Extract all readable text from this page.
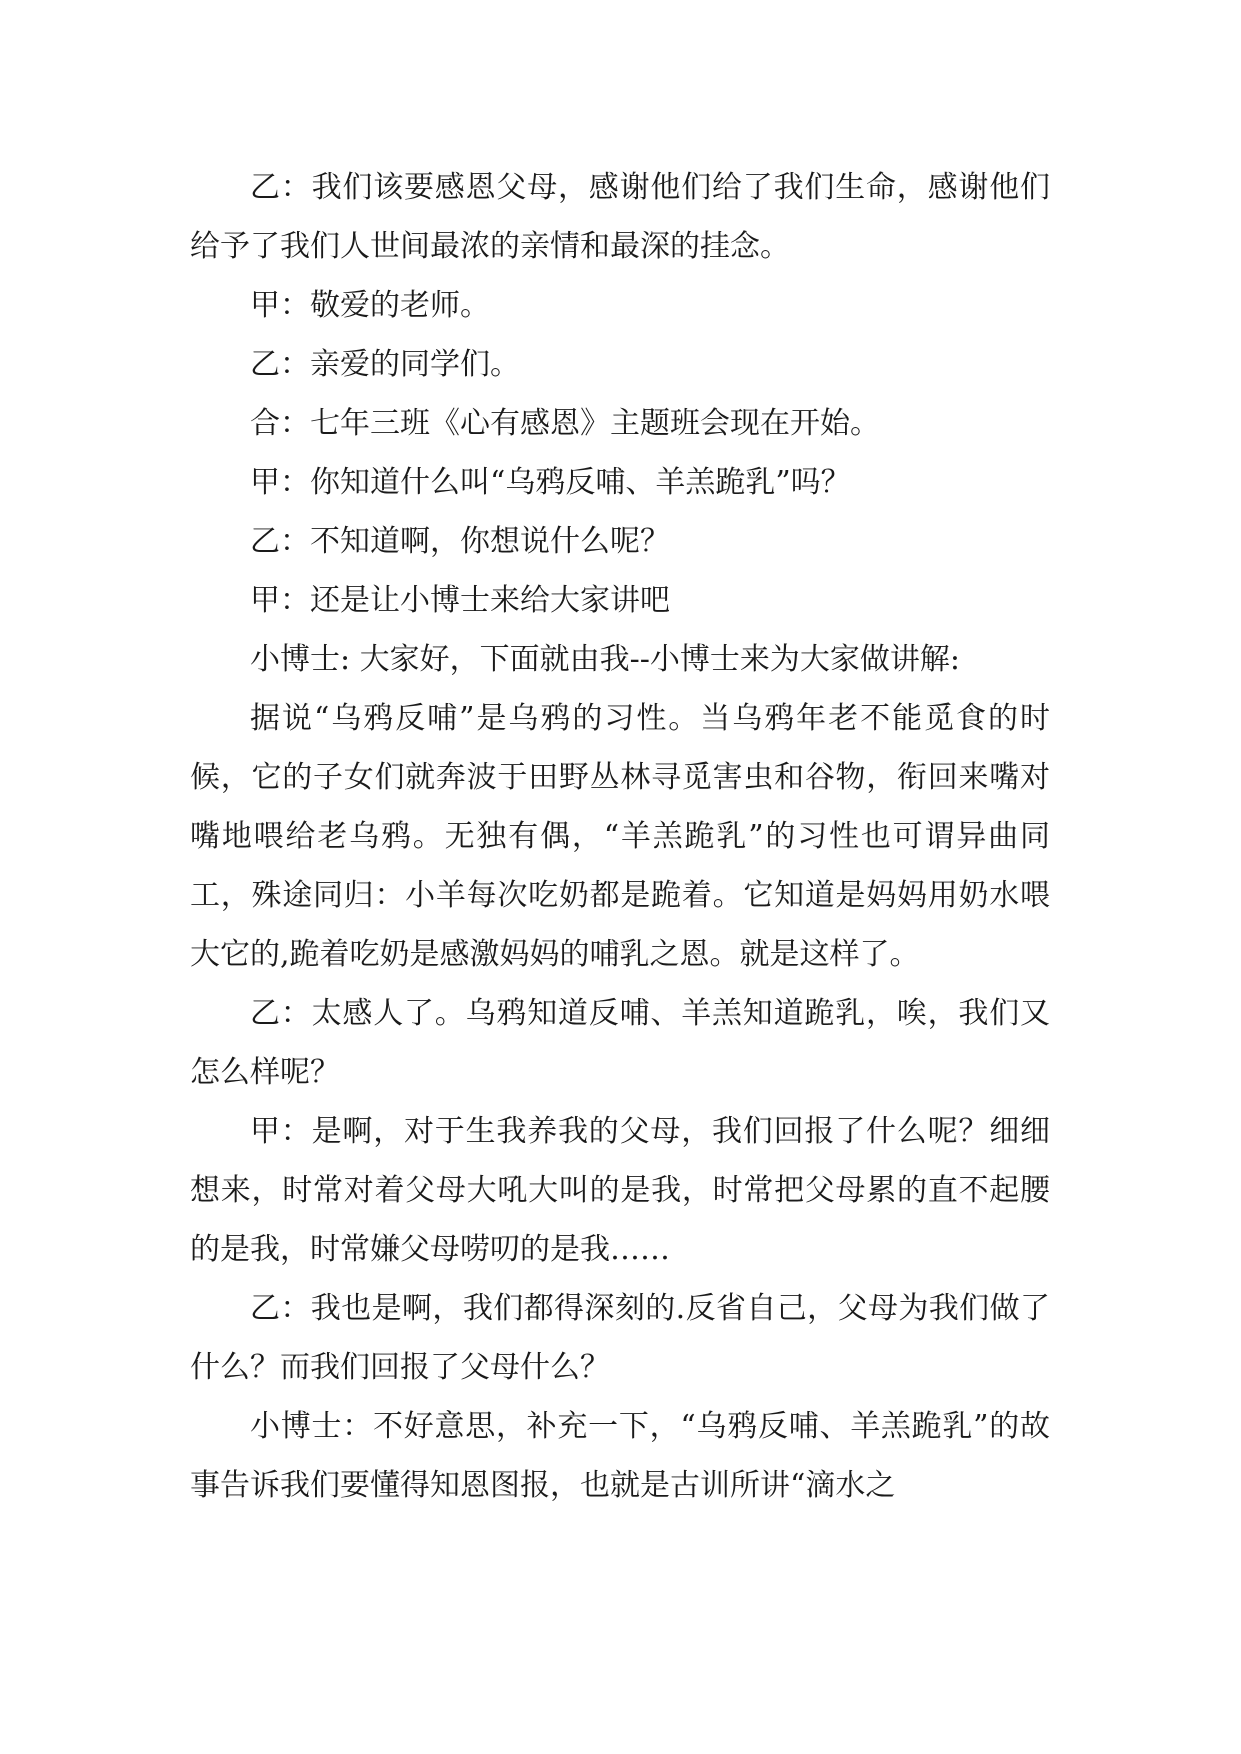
乙：我们该要感恩父母，感谢他们给了我们生命，感谢他们给予了我们人世间最浓的亲情和最深的挂念。

甲：敬爱的老师。

乙：亲爱的同学们。

合：七年三班《心有感恩》主题班会现在开始。

甲：你知道什么叫“乌鸦反哺、羊羔跪乳”吗？

乙：不知道啊，你想说什么呢？

甲：还是让小博士来给大家讲吧

小博士: 大家好，下面就由我--小博士来为大家做讲解:

据说“乌鸦反哺”是乌鸦的习性。当乌鸦年老不能觅食的时候，它的子女们就奔波于田野丛林寻觅害虫和谷物，衔回来嘴对嘴地喂给老乌鸦。无独有偶，“羊羔跪乳”的习性也可谓异曲同工，殊途同归：小羊每次吃奶都是跪着。它知道是妈妈用奶水喂大它的,跪着吃奶是感激妈妈的哺乳之恩。就是这样了。

乙：太感人了。乌鸦知道反哺、羊羔知道跪乳，唉，我们又怎么样呢？

甲：是啊，对于生我养我的父母，我们回报了什么呢？细细想来，时常对着父母大吼大叫的是我，时常把父母累的直不起腰的是我，时常嫌父母唠叨的是我……

乙：我也是啊，我们都得深刻的.反省自己，父母为我们做了什么？而我们回报了父母什么？

小博士：不好意思，补充一下，“乌鸦反哺、羊羔跪乳”的故事告诉我们要懂得知恩图报，也就是古训所讲“滴水之
